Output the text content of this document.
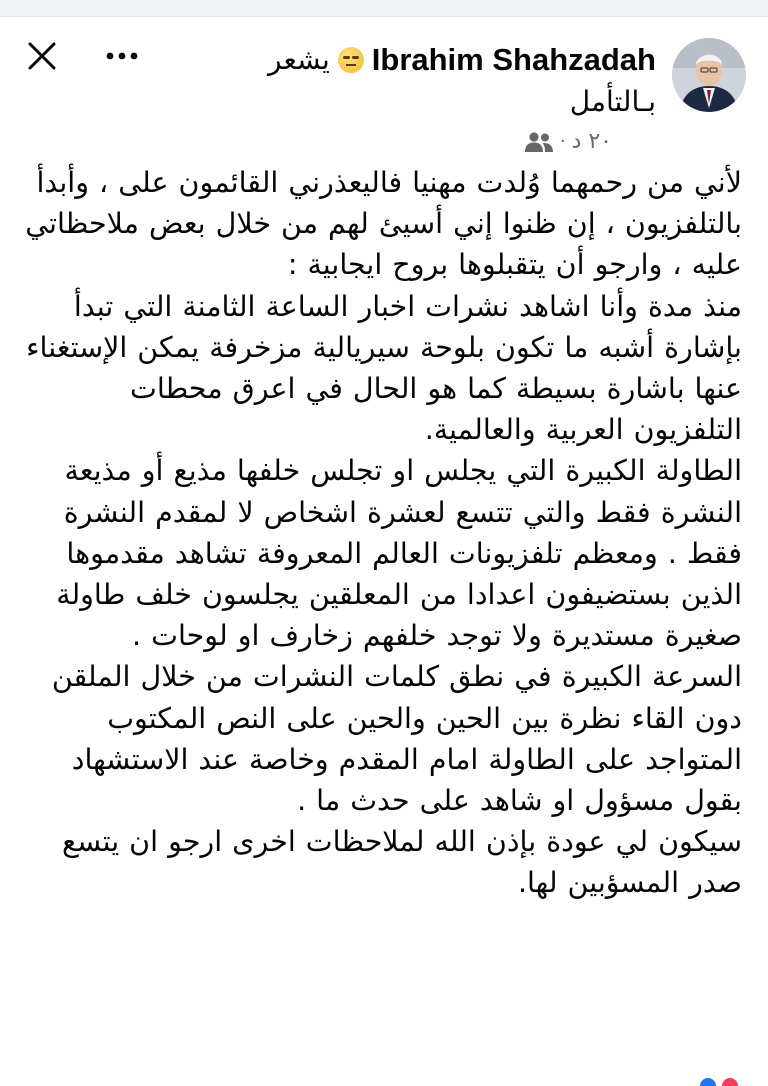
Ibrahim Shahzadah
يشعر
بـالتأمل
٢٠ د
·
لأني من رحمهما وُلدت مهنيا فاليعذرني القائمون على ، وأبدأ بالتلفزيون ، إن ظنوا إني أسيئ لهم من خلال بعض ملاحظاتي عليه ، وارجو أن يتقبلوها بروح ايجابية :
منذ مدة وأنا اشاهد نشرات اخبار الساعة الثامنة التي تبدأ بإشارة أشبه ما تكون بلوحة سيريالية مزخرفة يمكن الإستغناء عنها باشارة بسيطة كما هو الحال في اعرق محطات التلفزيون العربية والعالمية.
الطاولة الكبيرة التي يجلس او تجلس خلفها مذيع أو مذيعة النشرة فقط والتي تتسع لعشرة اشخاص لا لمقدم النشرة فقط . ومعظم تلفزيونات العالم المعروفة تشاهد مقدموها الذين بستضيفون اعدادا من المعلقين يجلسون خلف طاولة صغيرة مستديرة ولا توجد خلفهم زخارف او لوحات .
السرعة الكبيرة في نطق كلمات النشرات من خلال الملقن دون القاء نظرة بين الحين والحين على النص المكتوب المتواجد على الطاولة امام المقدم وخاصة عند الاستشهاد بقول مسؤول او شاهد على حدث ما .
سيكون لي عودة بإذن الله لملاحظات اخرى ارجو ان يتسع صدر المسؤبين لها.
